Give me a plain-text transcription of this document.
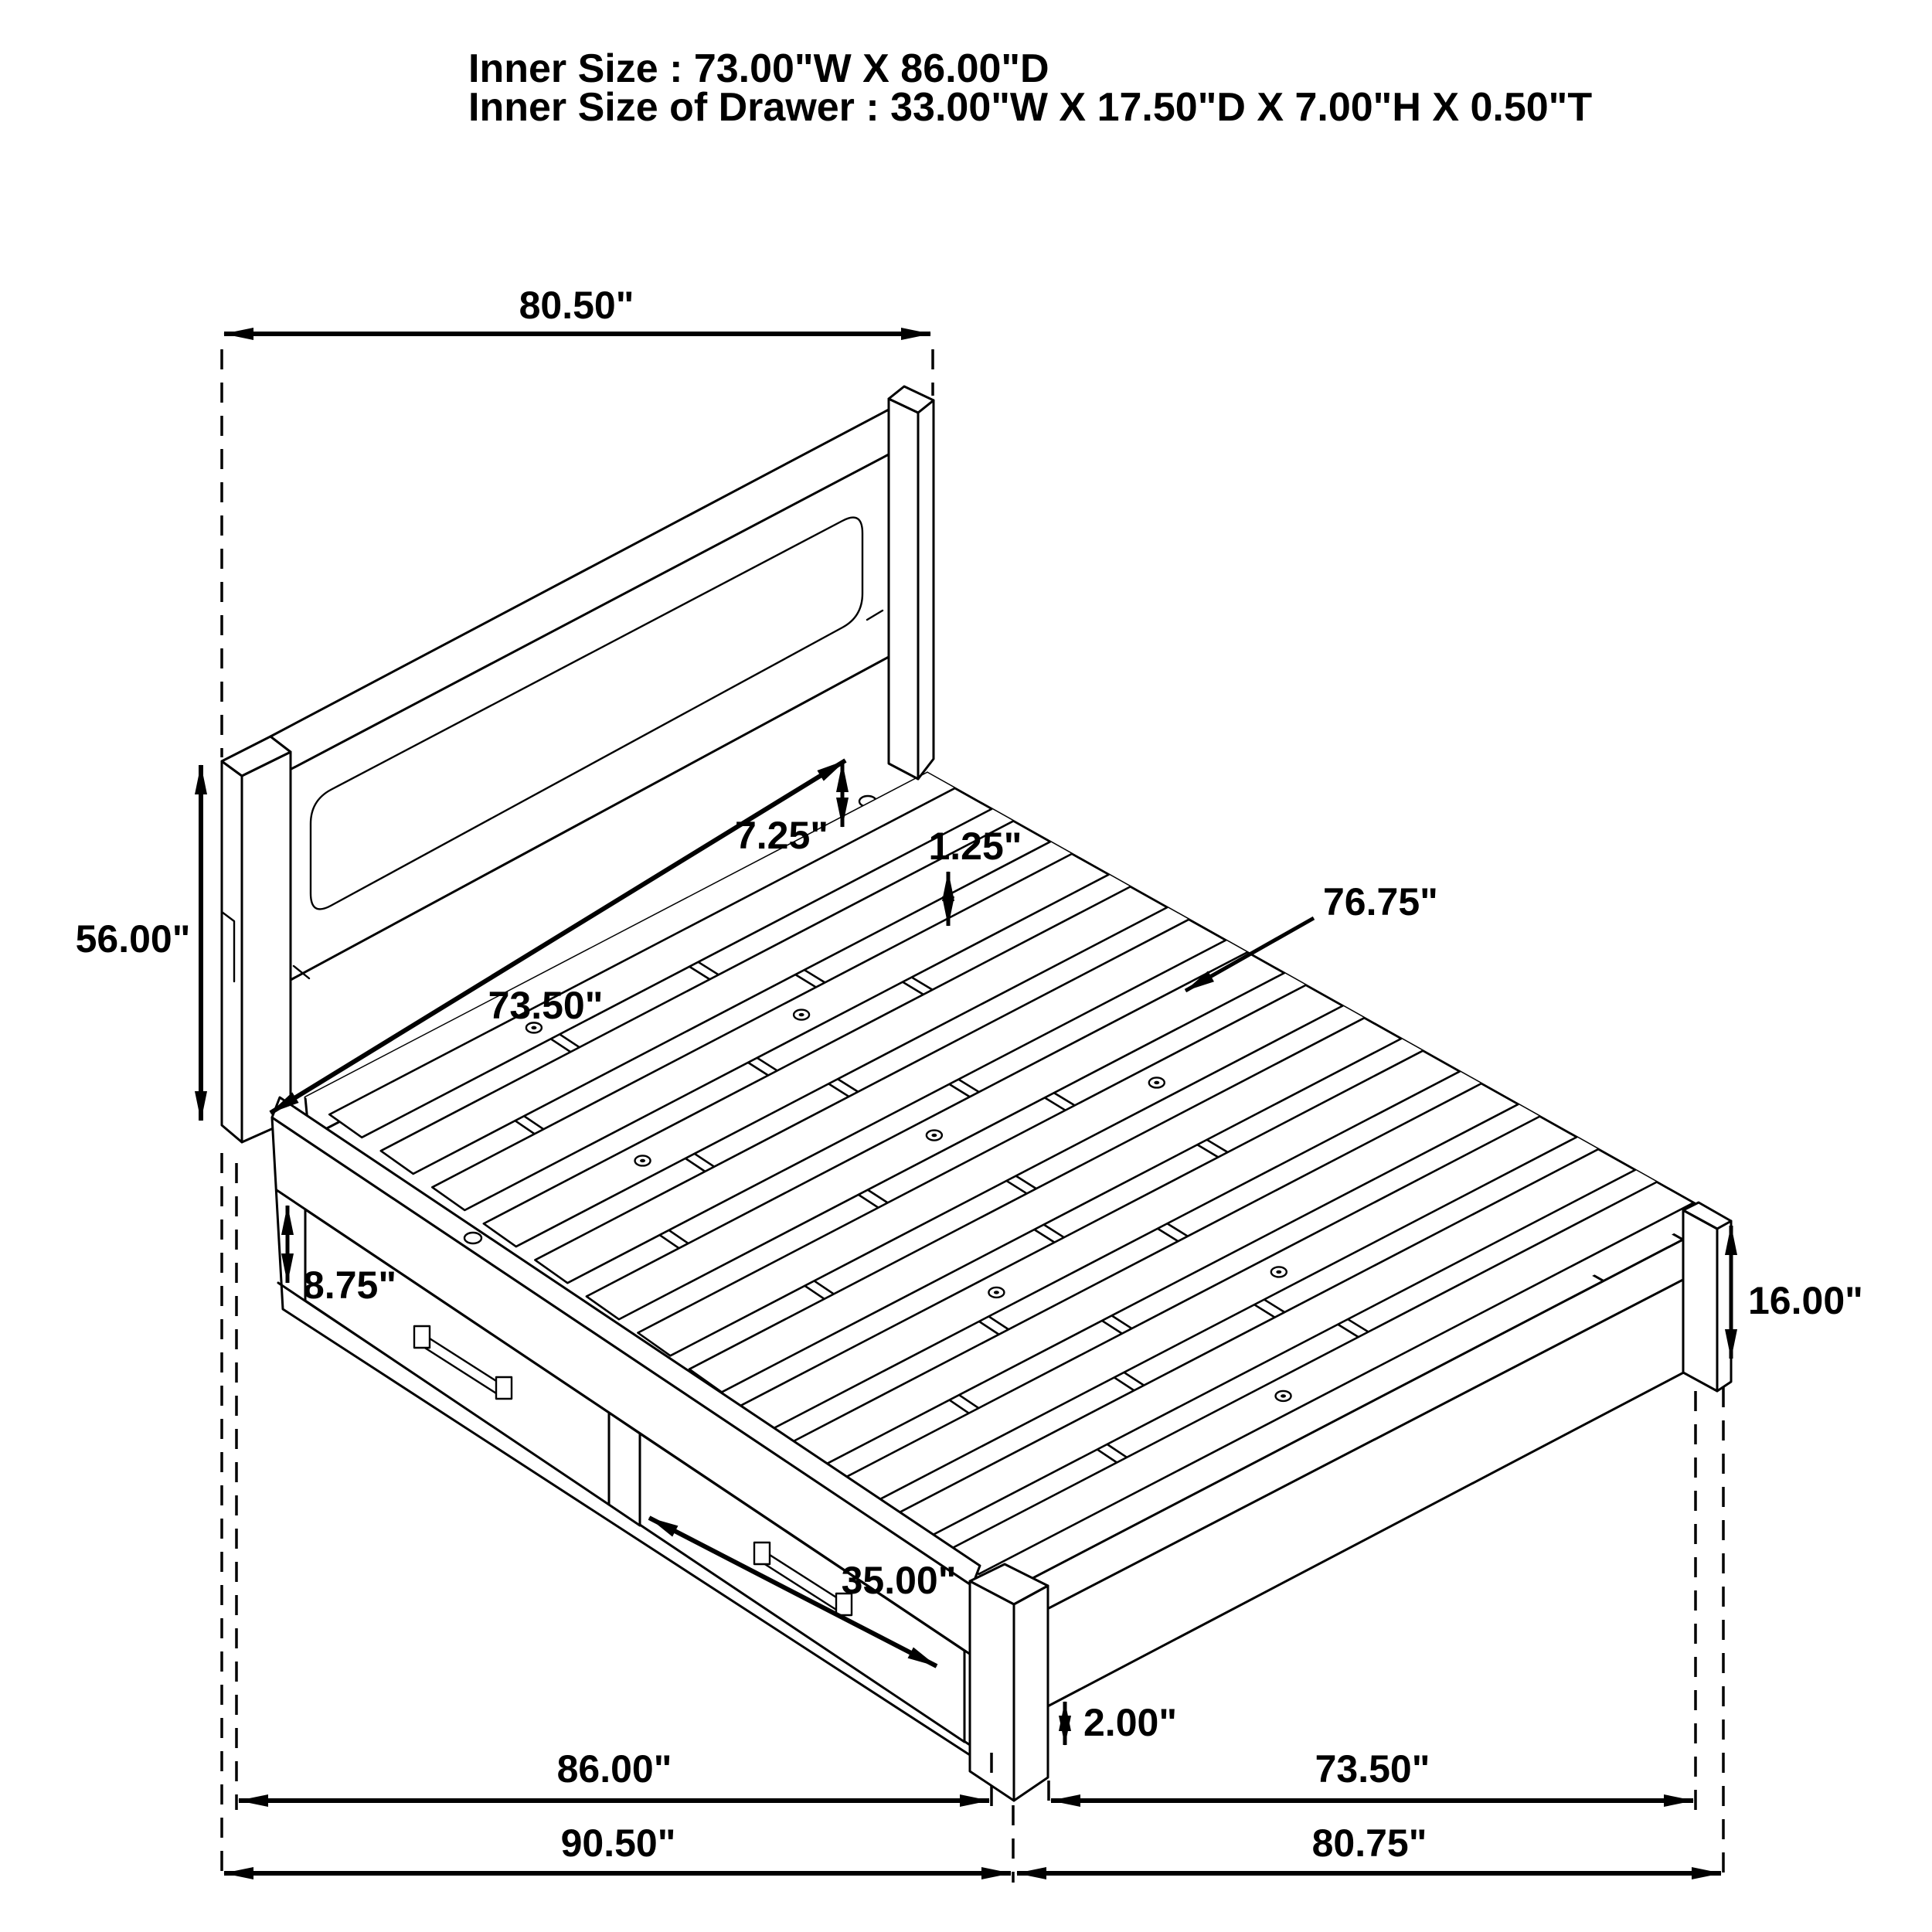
80.50"
56.00"
7.25"	1.25"
76.75"
73.50"
8.75"	16.00"
35.00"
2.00"
86.00"
90.50"
73.50"
80.75"
Inner Size : 73.00"W X 86.00"D
Inner Size of Drawer : 33.00"W X 17.50"D X 7.00"H X 0.50"T
